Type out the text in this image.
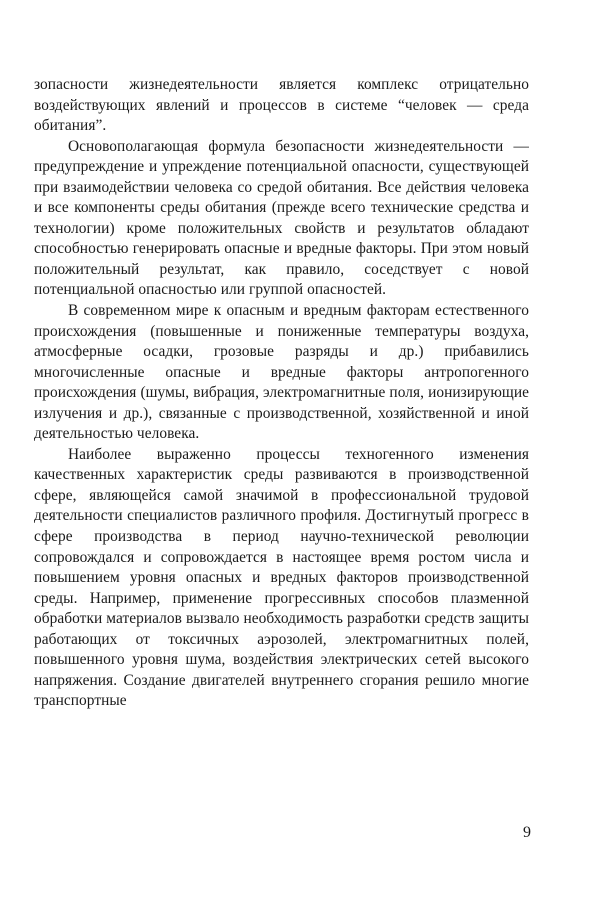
зопасности жизнедеятельности является комплекс отрицательно воздействующих явлений и процессов в системе “человек — среда обитания”.

Основополагающая формула безопасности жизнедеятельности — предупреждение и упреждение потенциальной опасности, существующей при взаимодействии человека со средой обитания. Все действия человека и все компоненты среды обитания (прежде всего технические средства и технологии) кроме положительных свойств и результатов обладают способностью генерировать опасные и вредные факторы. При этом новый положительный результат, как правило, соседствует с новой потенциальной опасностью или группой опасностей.

В современном мире к опасным и вредным факторам естественного происхождения (повышенные и пониженные температуры воздуха, атмосферные осадки, грозовые разряды и др.) прибавились многочисленные опасные и вредные факторы антропогенного происхождения (шумы, вибрация, электромагнитные поля, ионизирующие излучения и др.), связанные с производственной, хозяйственной и иной деятельностью человека.

Наиболее выраженно процессы техногенного изменения качественных характеристик среды развиваются в производственной сфере, являющейся самой значимой в профессиональной трудовой деятельности специалистов различного профиля. Достигнутый прогресс в сфере производства в период научно-технической революции сопровождался и сопровождается в настоящее время ростом числа и повышением уровня опасных и вредных факторов производственной среды. Например, применение прогрессивных способов плазменной обработки материалов вызвало необходимость разработки средств защиты работающих от токсичных аэрозолей, электромагнитных полей, повышенного уровня шума, воздействия электрических сетей высокого напряжения. Создание двигателей внутреннего сгорания решило многие транспортные

9
